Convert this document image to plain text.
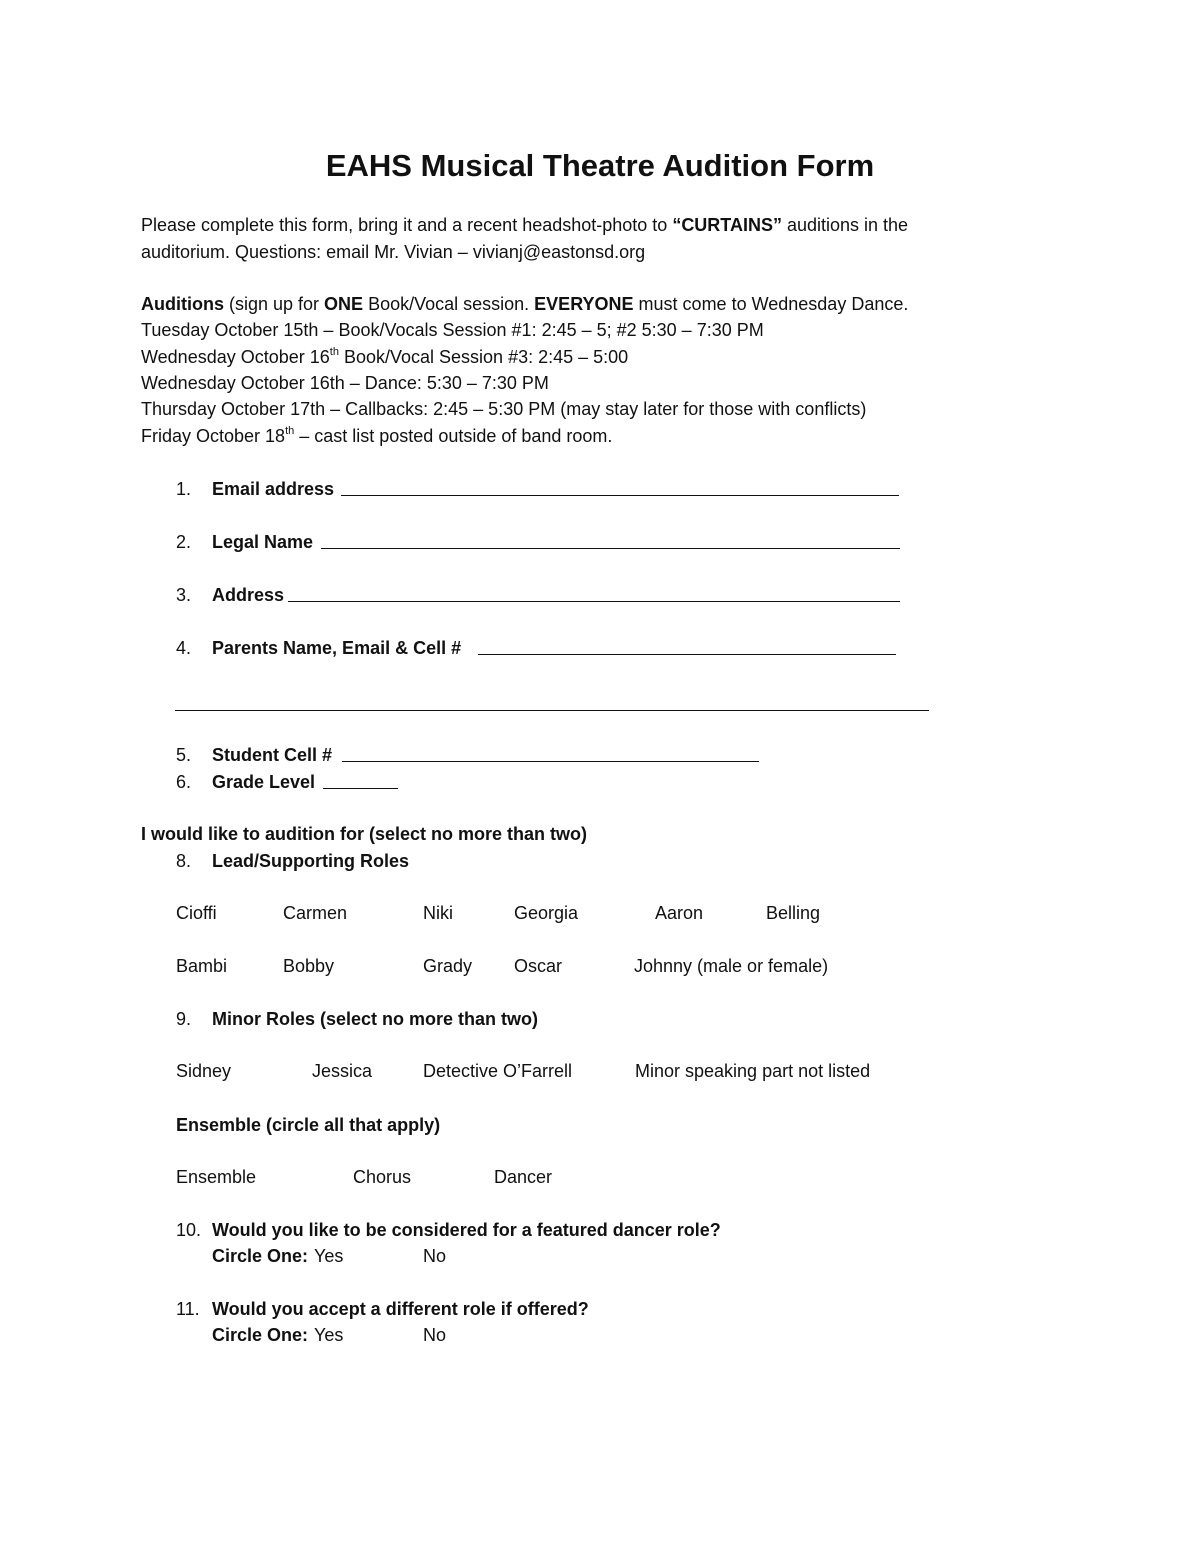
EAHS Musical Theatre Audition Form
Please complete this form, bring it and a recent headshot-photo to “CURTAINS” auditions in the
auditorium. Questions: email Mr. Vivian – vivianj@eastonsd.org
Auditions (sign up for ONE Book/Vocal session. EVERYONE must come to Wednesday Dance.
Tuesday October 15th – Book/Vocals Session #1: 2:45 – 5; #2 5:30 – 7:30 PM
Wednesday October 16th Book/Vocal Session #3: 2:45 – 5:00
Wednesday October 16th – Dance: 5:30 – 7:30 PM
Thursday October 17th – Callbacks: 2:45 – 5:30 PM (may stay later for those with conflicts)
Friday October 18th – cast list posted outside of band room.
1. Email address
2. Legal Name
3. Address
4. Parents Name, Email & Cell #
5. Student Cell #
6. Grade Level
I would like to audition for (select no more than two)
8. Lead/Supporting Roles
Cioffi	Carmen	Niki	Georgia	Aaron	Belling
Bambi	Bobby	Grady Oscar	Johnny (male or female)
9. Minor Roles (select no more than two)
Sidney	Jessica	Detective O’Farrell	Minor speaking part not listed
Ensemble (circle all that apply)
Ensemble	Chorus	Dancer
10. Would you like to be considered for a featured dancer role?
Circle One: Yes	No
11. Would you accept a different role if offered?
Circle One: Yes	No
